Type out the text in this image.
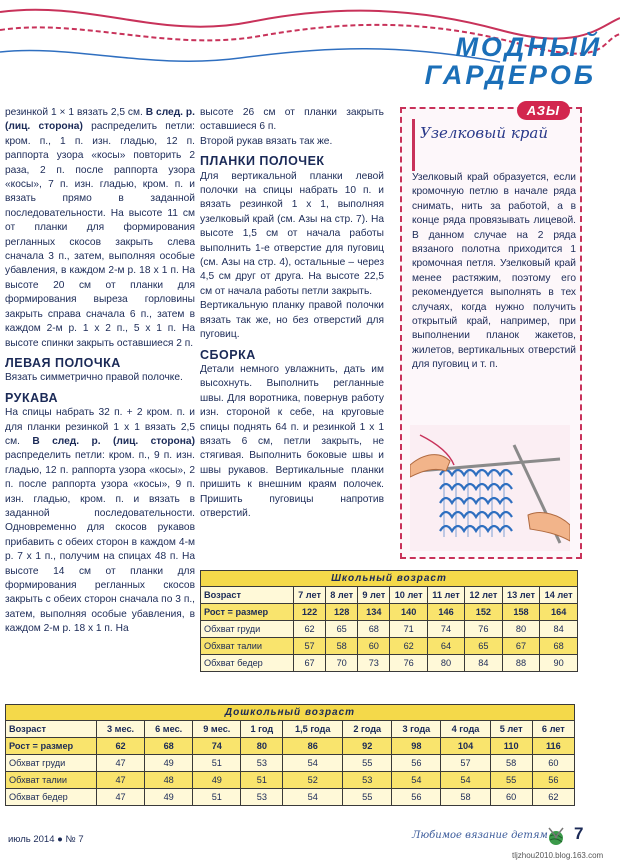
МОДНЫЙ
ГАРДЕРОБ

резинкой 1 × 1 вязать 2,5 см. В след. р. (лиц. сторона) распределить петли: кром. п., 1 п. изн. гладью, 12 п. раппорта узора «косы» повторить 2 раза, 2 п. после раппорта узора «косы», 7 п. изн. гладью, кром. п. и вязать прямо в заданной последовательности. На высоте 11 см от планки для формирования регланных скосов закрыть слева сначала 3 п., затем, выполняя особые убавления, в каждом 2-м р. 18 х 1 п. На высоте 20 см от планки для формирования выреза горловины закрыть справа сначала 6 п., затем в каждом 2-м р. 1 х 2 п., 5 х 1 п. На высоте спинки закрыть оставшиеся 2 п.

ЛЕВАЯ ПОЛОЧКА

Вязать симметрично правой полочке.

РУКАВА

На спицы набрать 32 п. + 2 кром. п. и для планки резинкой 1 х 1 вязать 2,5 см. В след. р. (лиц. сторона) распределить петли: кром. п., 9 п. изн. гладью, 12 п. раппорта узора «косы», 2 п. после раппорта узора «косы», 9 п. изн. гладью, кром. п. и вязать в заданной последовательности. Одновременно для скосов рукавов прибавить с обеих сторон в каждом 4-м р. 7 х 1 п., получим на спицах 48 п. На высоте 14 см от планки для формирования регланных скосов закрыть с обеих сторон сначала по 3 п., затем, выполняя особые убавления, в каждом 2-м р. 18 х 1 п. На

высоте 26 см от планки закрыть оставшиеся 6 п.

Второй рукав вязать так же.

ПЛАНКИ ПОЛОЧЕК

Для вертикальной планки левой полочки на спицы набрать 10 п. и вязать резинкой 1 х 1, выполняя узелковый край (см. Азы на стр. 7). На высоте 1,5 см от начала работы выполнить 1-е отверстие для пуговиц (см. Азы на стр. 4), остальные – через 4,5 см друг от друга. На высоте 22,5 см от начала работы петли закрыть.

Вертикальную планку правой полочки вязать так же, но без отверстий для пуговиц.

СБОРКА

Детали немного увлажнить, дать им высохнуть. Выполнить регланные швы. Для воротника, повернув работу изн. стороной к себе, на круговые спицы поднять 64 п. и резинкой 1 х 1 вязать 6 см, петли закрыть, не стягивая. Выполнить боковые швы и швы рукавов. Вертикальные планки пришить к внешним краям полочек. Пришить пуговицы напротив отверстий.

АЗЫ
Узелковый край
Узелковый край образуется, если кромочную петлю в начале ряда снимать, нить за работой, а в конце ряда провязывать лицевой. В данном случае на 2 ряда вязаного полотна приходится 1 кромочная петля. Узелковый край менее растяжим, поэтому его рекомендуется выполнять в тех случаях, когда нужно получить открытый край, например, при выполнении планок жакетов, жилетов, вертикальных отверстий для пуговиц и т. п.
Школьный возраст								
Возраст	7 лет	8 лет	9 лет	10 лет	11 лет	12 лет	13 лет	14 лет
Рост = размер	122	128	134	140	146	152	158	164
Обхват груди	62	65	68	71	74	76	80	84
Обхват талии	57	58	60	62	64	65	67	68
Обхват бедер	67	70	73	76	80	84	88	90
Дошкольный возраст										
Возраст	3 мес.	6 мес.	9 мес.	1 год	1,5 года	2 года	3 года	4 года	5 лет	6 лет
Рост = размер	62	68	74	80	86	92	98	104	110	116
Обхват груди	47	49	51	53	54	55	56	57	58	60
Обхват талии	47	48	49	51	52	53	54	54	55	56
Обхват бедер	47	49	51	53	54	55	56	58	60	62
июль 2014 ● № 7	Любимое вязание детям 7
tljzhou2010.blog.163.com
